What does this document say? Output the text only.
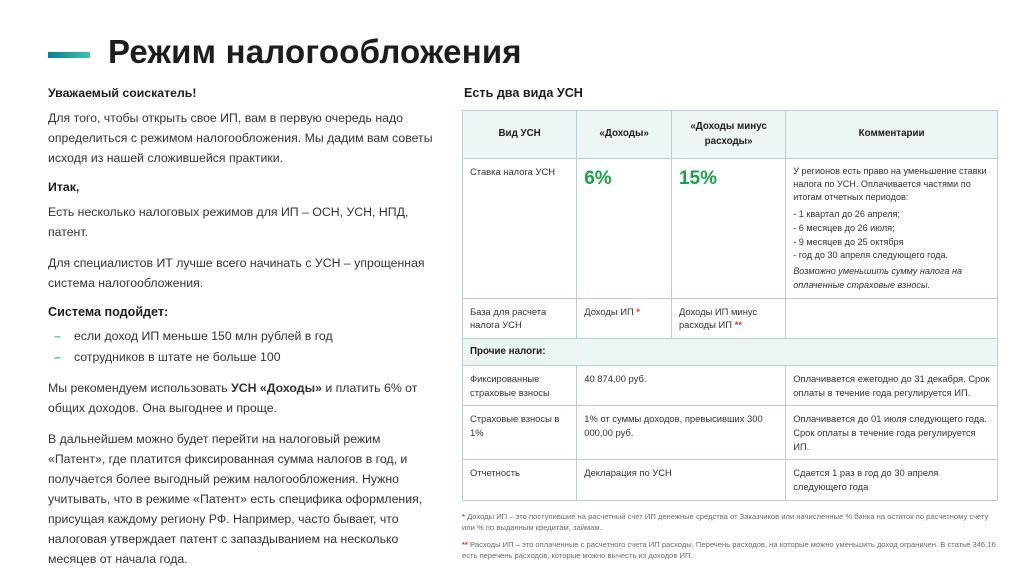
Режим налогообложения
Уважаемый соискатель!

Для того, чтобы открыть свое ИП, вам в первую очередь надо определиться с режимом налогообложения. Мы дадим вам советы исходя из нашей сложившейся практики.

Итак,

Есть несколько налоговых режимов для ИП – ОСН, УСН, НПД, патент.

Для специалистов ИТ лучше всего начинать с УСН – упрощенная система налогообложения.

Система подойдет:
– если доход ИП меньше 150 млн рублей в год
– сотрудников в штате не больше 100

Мы рекомендуем использовать УСН «Доходы» и платить 6% от общих доходов. Она выгоднее и проще.

В дальнейшем можно будет перейти на налоговый режим «Патент», где платится фиксированная сумма налогов в год, и получается более выгодный режим налогообложения. Нужно учитывать, что в режиме «Патент» есть специфика оформления, присущая каждому региону РФ. Например, часто бывает, что налоговая утверждает патент с запаздыванием на несколько месяцев от начала года.

Есть два вида УСН
Вид УСН	«Доходы»	«Доходы минус расходы»	Комментарии
Ставка налога УСН	6%	15%	У регионов есть право на уменьшение ставки налога по УСН. Оплачивается частями по итогам отчетных периодов:
- 1 квартал до 26 апреля;
- 6 месяцев до 26 июля;
- 9 месяцев до 25 октября
- год до 30 апреля следующего года.
Возможно уменьшить сумму налога на оплаченные страховые взносы.

База для расчета налога УСН	Доходы ИП *	Доходы ИП минус расходы ИП **	
Прочие налоги:			
Фиксированные страховые взносы	40 874,00 руб.		Оплачивается ежегодно до 31 декабря. Срок оплаты в течение года регулируется ИП.
Страховые взносы в 1%	1% от суммы доходов, превысивших 300 000,00 руб.		Оплачивается до 01 июля следующего года. Срок оплаты в течение года регулируется ИП.
Отчетность	Декларация по УСН		Сдается 1 раз в год до 30 апреля следующего года

* Доходы ИП – это поступившие на расчетный счет ИП денежные средства от Заказчиков или начисленные % банка на остаток по расчетному счету или % по выданным кредитам, займам.

** Расходы ИП – это оплаченные с расчетного счета ИП расходы. Перечень расходов, на которые можно уменьшить доход ограничен. В статье 346.16 есть перечень расходов, которые можно вычесть из доходов ИП.
